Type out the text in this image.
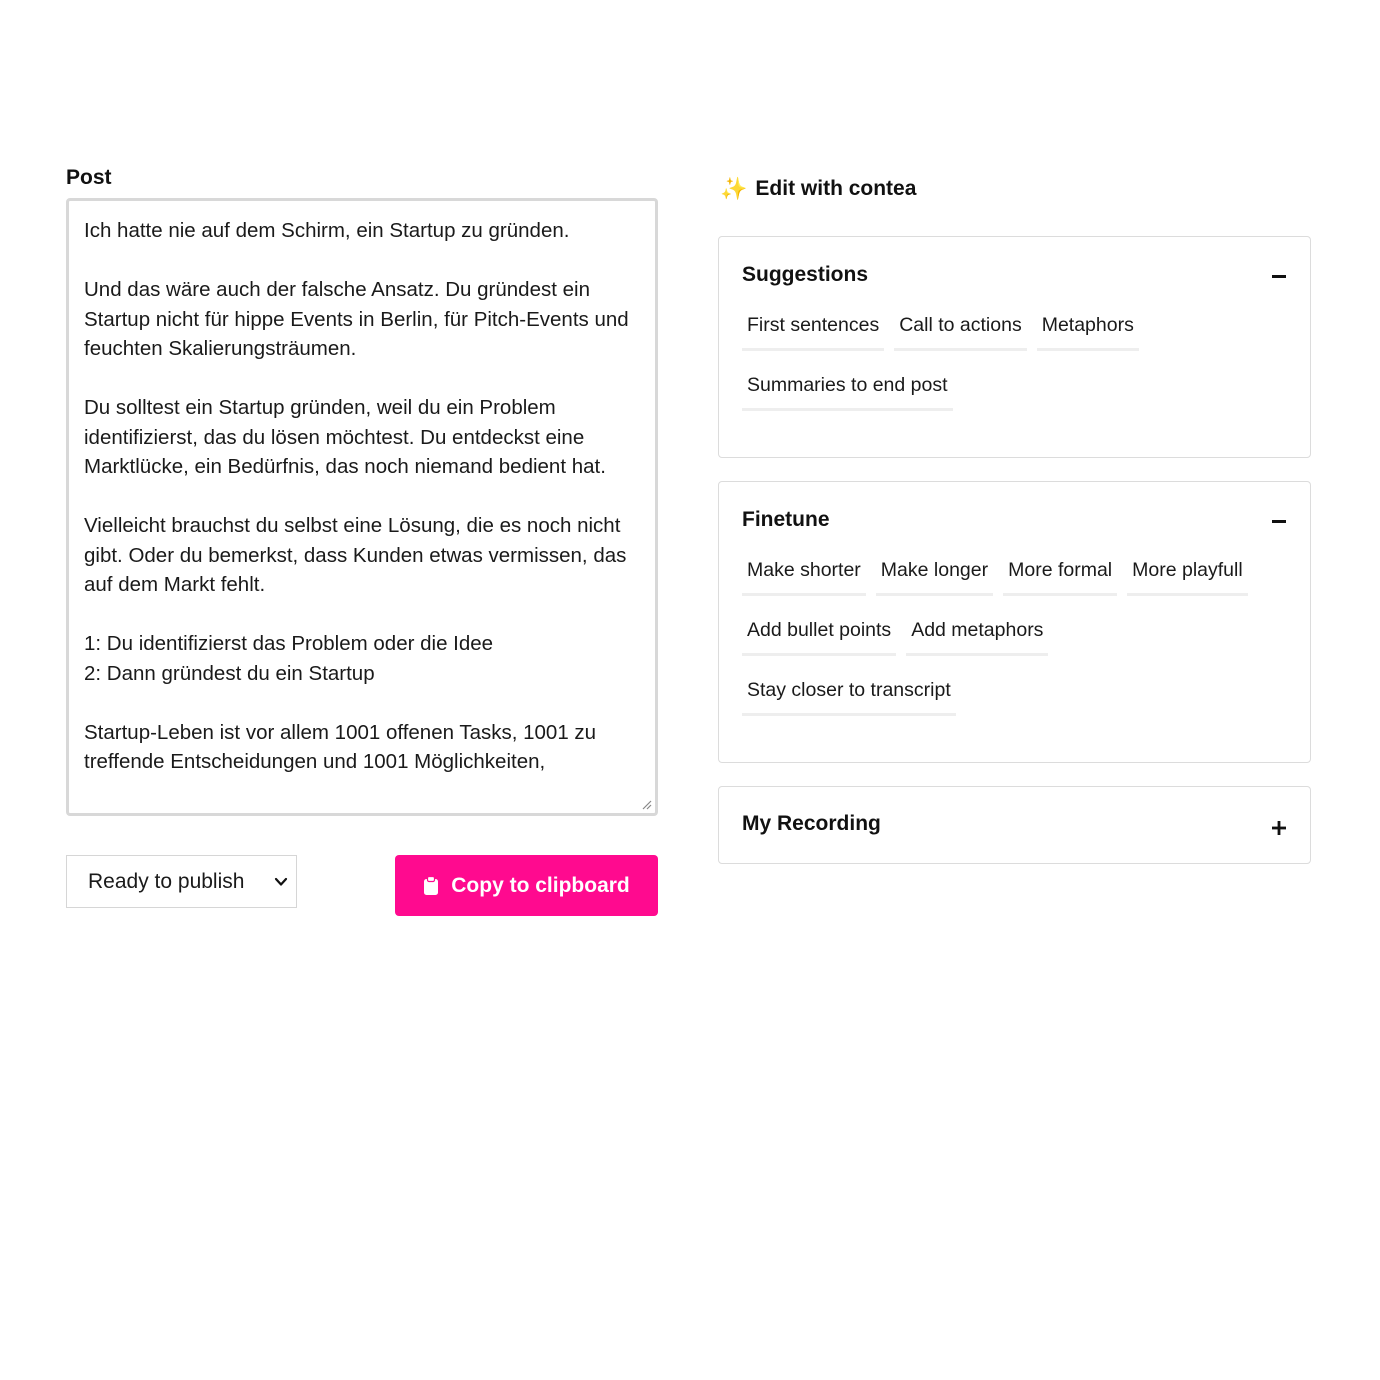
Post
Ich hatte nie auf dem Schirm, ein Startup zu gründen. Und das wäre auch der falsche Ansatz. Du gründest ein Startup nicht für hippe Events in Berlin, für Pitch-Events und feuchten Skalierungsträumen. Du solltest ein Startup gründen, weil du ein Problem identifizierst, das du lösen möchtest. Du entdeckst eine Marktlücke, ein Bedürfnis, das noch niemand bedient hat. Vielleicht brauchst du selbst eine Lösung, die es noch nicht gibt. Oder du bemerkst, dass Kunden etwas vermissen, das auf dem Markt fehlt. 1: Du identifizierst das Problem oder die Idee 2: Dann gründest du ein Startup Startup-Leben ist vor allem 1001 offenen Tasks, 1001 zu treffende Entscheidungen und 1001 Möglichkeiten,
Ready to publish	Copy to clipboard
✨ Edit with contea
Suggestions
First sentences Call to actions Metaphors
Summaries to end post
Finetune
Make shorter Make longer More formal More playfull
Add bullet points Add metaphors
Stay closer to transcript
My Recording
